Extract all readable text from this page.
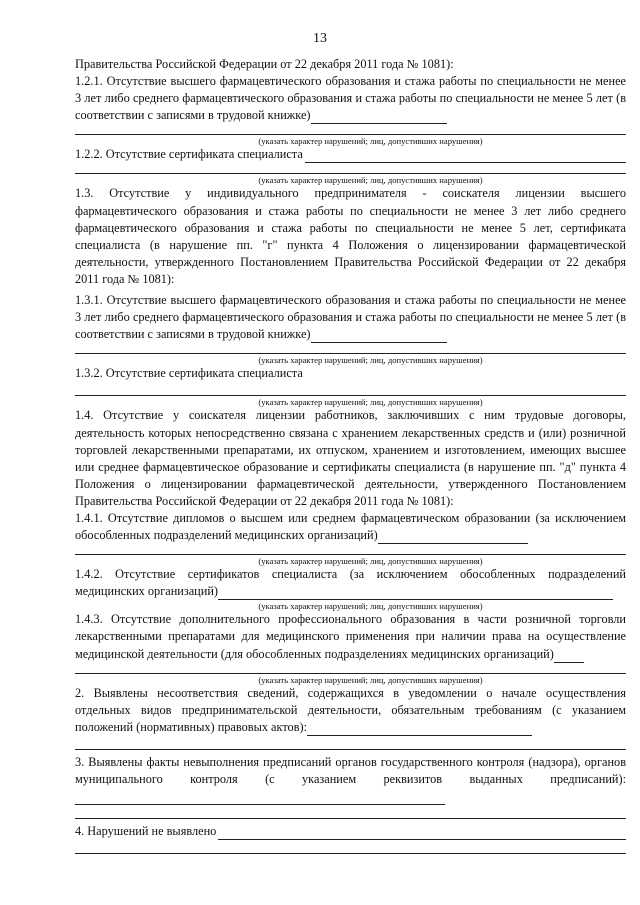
13
Правительства Российской Федерации от 22 декабря 2011 года № 1081):
1.2.1. Отсутствие высшего фармацевтического образования и стажа работы по специальности не менее 3 лет либо среднего фармацевтического образования и стажа работы по специальности не менее 5 лет (в соответствии с записями в трудовой книжке)
(указать характер нарушений; лиц, допустивших нарушения)
1.2.2. Отсутствие сертификата специалиста
(указать характер нарушений; лиц, допустивших нарушения)
1.3. Отсутствие у индивидуального предпринимателя - соискателя лицензии высшего фармацевтического образования и стажа работы по специальности не менее 3 лет либо среднего фармацевтического образования и стажа работы по специальности не менее 5 лет, сертификата специалиста (в нарушение пп. "г" пункта 4 Положения о лицензировании фармацевтической деятельности, утвержденного Постановлением Правительства Российской Федерации от 22 декабря 2011 года № 1081):
1.3.1. Отсутствие высшего фармацевтического образования и стажа работы по специальности не менее 3 лет либо среднего фармацевтического образования и стажа работы по специальности не менее 5 лет (в соответствии с записями в трудовой книжке)
(указать характер нарушений; лиц, допустивших нарушения)
1.3.2. Отсутствие сертификата специалиста
(указать характер нарушений; лиц, допустивших нарушения)
1.4. Отсутствие у соискателя лицензии работников, заключивших с ним трудовые договоры, деятельность которых непосредственно связана с хранением лекарственных средств и (или) розничной торговлей лекарственными препаратами, их отпуском, хранением и изготовлением, имеющих высшее или среднее фармацевтическое образование и сертификаты специалиста (в нарушение пп. "д" пункта 4 Положения о лицензировании фармацевтической деятельности, утвержденного Постановлением Правительства Российской Федерации от 22 декабря 2011 года № 1081):
1.4.1. Отсутствие дипломов о высшем или среднем фармацевтическом образовании (за исключением обособленных подразделений медицинских организаций)
(указать характер нарушений; лиц, допустивших нарушения)
1.4.2. Отсутствие сертификатов специалиста (за исключением обособленных подразделений медицинских организаций)
(указать характер нарушений; лиц, допустивших нарушения)
1.4.3. Отсутствие дополнительного профессионального образования в части розничной торговли лекарственными препаратами для медицинского применения при наличии права на осуществление медицинской деятельности (для обособленных подразделениях медицинских организаций)
(указать характер нарушений; лиц, допустивших нарушения)
2. Выявлены несоответствия сведений, содержащихся в уведомлении о начале осуществления отдельных видов предпринимательской деятельности, обязательным требованиям (с указанием положений (нормативных) правовых актов):
3. Выявлены факты невыполнения предписаний органов государственного контроля (надзора), органов муниципального контроля (с указанием реквизитов выданных предписаний):
4. Нарушений не выявлено
